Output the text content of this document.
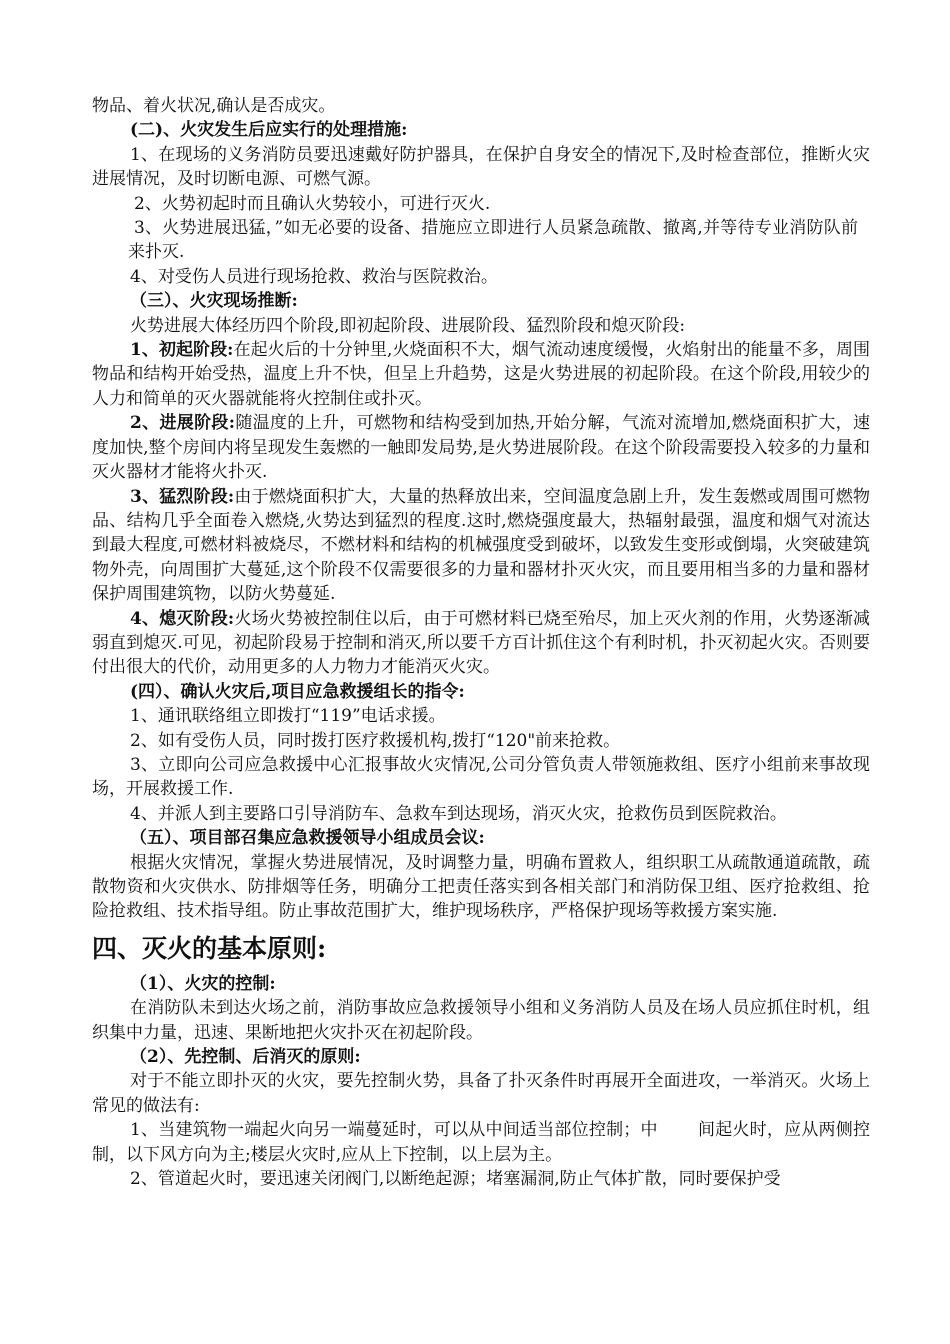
物品、着火状况,确认是否成灾。

(二)、火灾发生后应实行的处理措施:

1、在现场的义务消防员要迅速戴好防护器具，在保护自身安全的情况下,及时检查部位，推断火灾进展情况，及时切断电源、可燃气源。

2、火势初起时而且确认火势较小，可进行灭火.

3、火势进展迅猛，”如无必要的设备、措施应立即进行人员紧急疏散、撤离,并等待专业消防队前来扑灭.

4、对受伤人员进行现场抢救、救治与医院救治。

（三）、火灾现场推断:

火势进展大体经历四个阶段,即初起阶段、进展阶段、猛烈阶段和熄灭阶段:

1、初起阶段:在起火后的十分钟里,火烧面积不大，烟气流动速度缓慢，火焰射出的能量不多，周围物品和结构开始受热，温度上升不快，但呈上升趋势，这是火势进展的初起阶段。在这个阶段,用较少的人力和简单的灭火器就能将火控制住或扑灭。

2、进展阶段:随温度的上升，可燃物和结构受到加热,开始分解，气流对流增加,燃烧面积扩大，速度加快,整个房间内将呈现发生轰燃的一触即发局势,是火势进展阶段。在这个阶段需要投入较多的力量和灭火器材才能将火扑灭.

3、猛烈阶段:由于燃烧面积扩大，大量的热释放出来，空间温度急剧上升，发生轰燃或周围可燃物品、结构几乎全面卷入燃烧,火势达到猛烈的程度.这时,燃烧强度最大，热辐射最强，温度和烟气对流达到最大程度,可燃材料被烧尽，不燃材料和结构的机械强度受到破坏，以致发生变形或倒塌，火突破建筑物外壳，向周围扩大蔓延,这个阶段不仅需要很多的力量和器材扑灭火灾，而且要用相当多的力量和器材保护周围建筑物，以防火势蔓延.

4、熄灭阶段:火场火势被控制住以后，由于可燃材料已烧至殆尽，加上灭火剂的作用，火势逐渐减弱直到熄灭.可见，初起阶段易于控制和消灭,所以要千方百计抓住这个有利时机，扑灭初起火灾。否则要付出很大的代价，动用更多的人力物力才能消灭火灾。

(四）、确认火灾后,项目应急救援组长的指令:

1、通讯联络组立即拨打“119”电话求援。

2、如有受伤人员，同时拨打医疗救援机构,拨打“120"前来抢救。

3、立即向公司应急救援中心汇报事故火灾情况,公司分管负责人带领施救组、医疗小组前来事故现场，开展救援工作.

4、并派人到主要路口引导消防车、急救车到达现场，消灭火灾，抢救伤员到医院救治。

（五）、项目部召集应急救援领导小组成员会议:

根据火灾情况，掌握火势进展情况，及时调整力量，明确布置救人，组织职工从疏散通道疏散，疏散物资和火灾供水、防排烟等任务，明确分工把责任落实到各相关部门和消防保卫组、医疗抢救组、抢险抢救组、技术指导组。防止事故范围扩大，维护现场秩序，严格保护现场等救援方案实施.

四、灭火的基本原则:

（1）、火灾的控制:

在消防队未到达火场之前，消防事故应急救援领导小组和义务消防人员及在场人员应抓住时机，组织集中力量，迅速、果断地把火灾扑灭在初起阶段。

（2）、先控制、后消灭的原则:

对于不能立即扑灭的火灾，要先控制火势，具备了扑灭条件时再展开全面进攻，一举消灭。火场上常见的做法有:

1、当建筑物一端起火向另一端蔓延时，可以从中间适当部位控制；中 间起火时，应从两侧控制，以下风方向为主;楼层火灾时,应从上下控制，以上层为主。

2、管道起火时，要迅速关闭阀门,以断绝起源；堵塞漏洞,防止气体扩散，同时要保护受
